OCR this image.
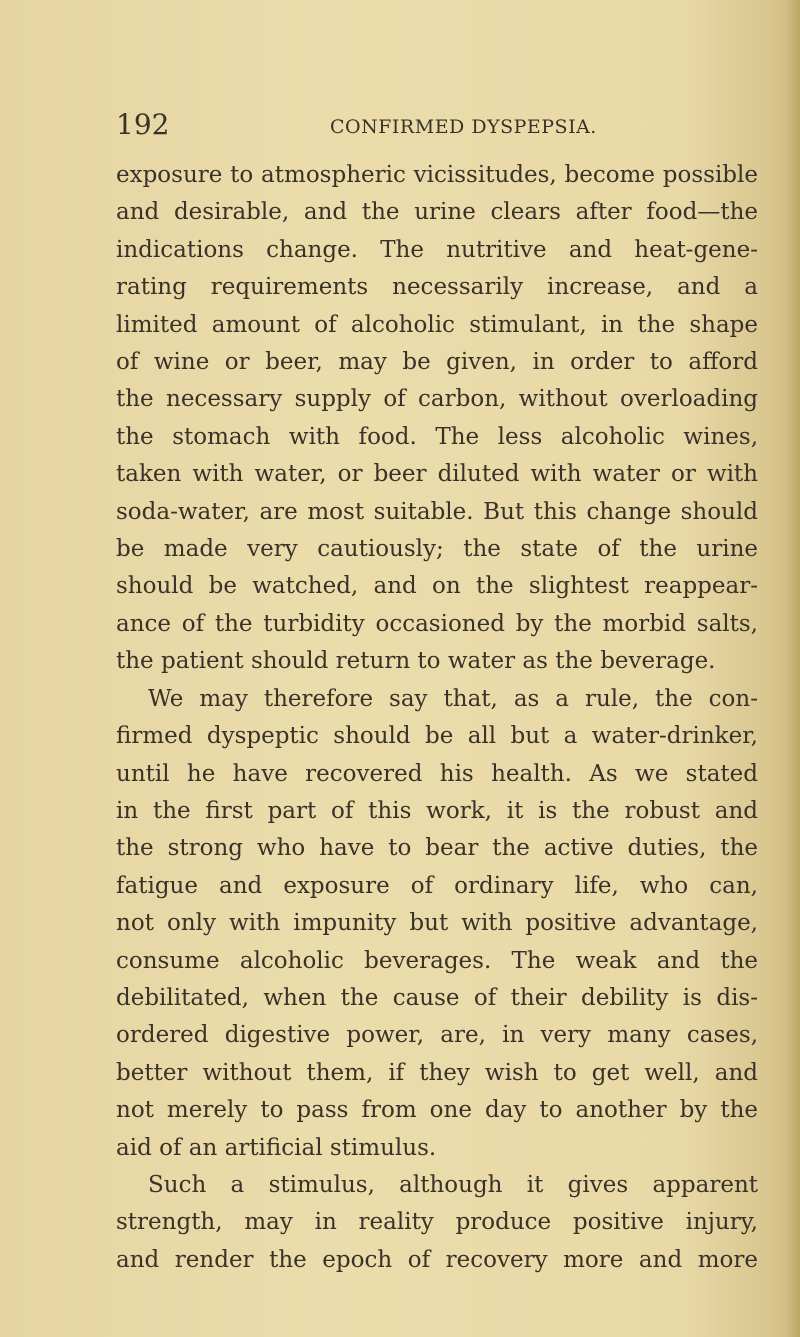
192	CONFIRMED DYSPEPSIA.
exposure to atmospheric vicissitudes, become possible
and desirable, and the urine clears after food—the
indications change. The nutritive and heat-gene-
rating requirements necessarily increase, and a
limited amount of alcoholic stimulant, in the shape
of wine or beer, may be given, in order to afford
the necessary supply of carbon, without overloading
the stomach with food. The less alcoholic wines,
taken with water, or beer diluted with water or with
soda-water, are most suitable. But this change should
be made very cautiously; the state of the urine
should be watched, and on the slightest reappear-
ance of the turbidity occasioned by the morbid salts,
the patient should return to water as the beverage.
We may therefore say that, as a rule, the con-
firmed dyspeptic should be all but a water-drinker,
until he have recovered his health. As we stated
in the first part of this work, it is the robust and
the strong who have to bear the active duties, the
fatigue and exposure of ordinary life, who can,
not only with impunity but with positive advantage,
consume alcoholic beverages. The weak and the
debilitated, when the cause of their debility is dis-
ordered digestive power, are, in very many cases,
better without them, if they wish to get well, and
not merely to pass from one day to another by the
aid of an artificial stimulus.
Such a stimulus, although it gives apparent
strength, may in reality produce positive injury,
and render the epoch of recovery more and more
